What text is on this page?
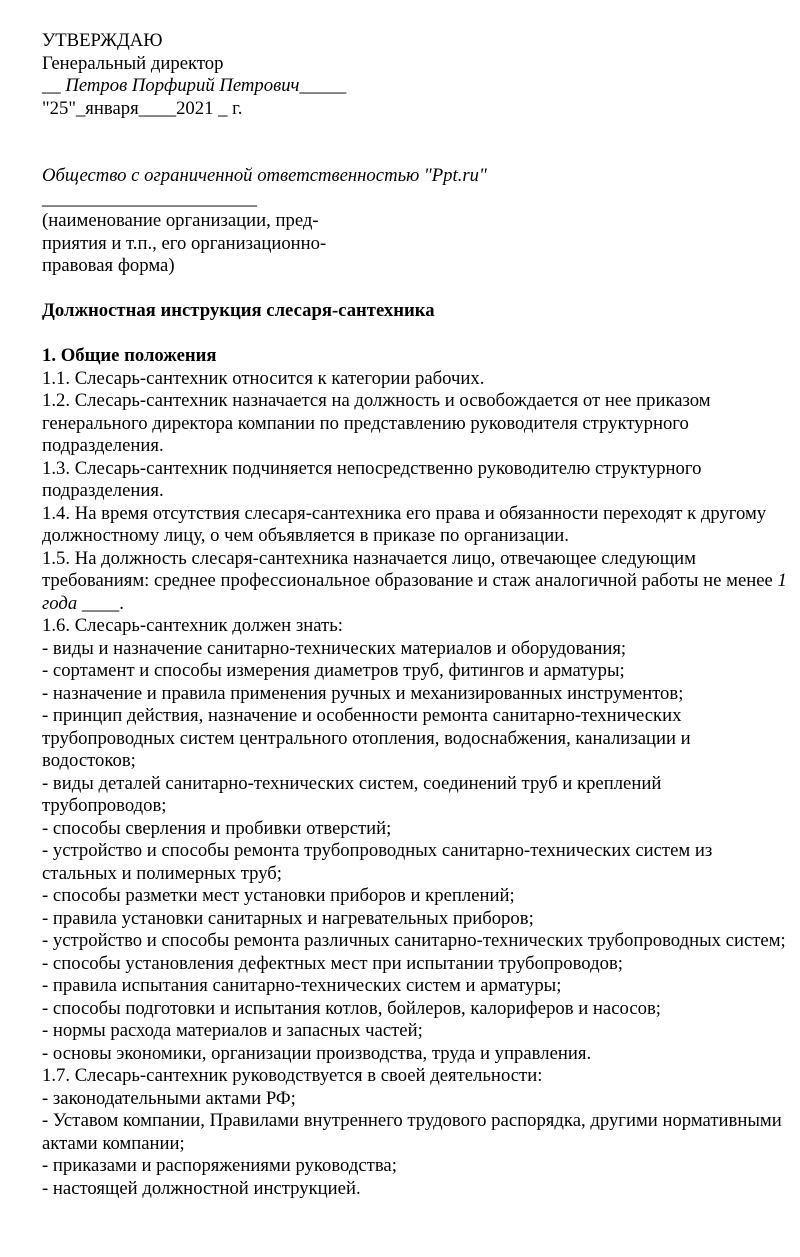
УТВЕРЖДАЮ

Генеральный директор

__ Петров Порфирий Петрович_____

"25"_января____2021 _ г.

Общество с ограниченной ответственностью "Ppt.ru"

_______________________

(наименование организации, пред-

приятия и т.п., его организационно-

правовая форма)

Должностная инструкция слесаря-сантехника

1. Общие положения

1.1. Слесарь-сантехник относится к категории рабочих.

1.2. Слесарь-сантехник назначается на должность и освобождается от нее приказом генерального директора компании по представлению руководителя структурного подразделения.

1.3. Слесарь-сантехник подчиняется непосредственно руководителю структурного подразделения.

1.4. На время отсутствия слесаря-сантехника его права и обязанности переходят к другому должностному лицу, о чем объявляется в приказе по организации.

1.5. На должность слесаря-сантехника назначается лицо, отвечающее следующим требованиям: среднее профессиональное образование и стаж аналогичной работы не менее 1 года ____.

1.6. Слесарь-сантехник должен знать:

- виды и назначение санитарно-технических материалов и оборудования;

- сортамент и способы измерения диаметров труб, фитингов и арматуры;

- назначение и правила применения ручных и механизированных инструментов;

- принцип действия, назначение и особенности ремонта санитарно-технических трубопроводных систем центрального отопления, водоснабжения, канализации и водостоков;

- виды деталей санитарно-технических систем, соединений труб и креплений трубопроводов;

- способы сверления и пробивки отверстий;

- устройство и способы ремонта трубопроводных санитарно-технических систем из стальных и полимерных труб;

- способы разметки мест установки приборов и креплений;

- правила установки санитарных и нагревательных приборов;

- устройство и способы ремонта различных санитарно-технических трубопроводных систем;

- способы установления дефектных мест при испытании трубопроводов;

- правила испытания санитарно-технических систем и арматуры;

- способы подготовки и испытания котлов, бойлеров, калориферов и насосов;

- нормы расхода материалов и запасных частей;

- основы экономики, организации производства, труда и управления.

1.7. Слесарь-сантехник руководствуется в своей деятельности:

- законодательными актами РФ;

- Уставом компании, Правилами внутреннего трудового распорядка, другими нормативными актами компании;

- приказами и распоряжениями руководства;

- настоящей должностной инструкцией.
